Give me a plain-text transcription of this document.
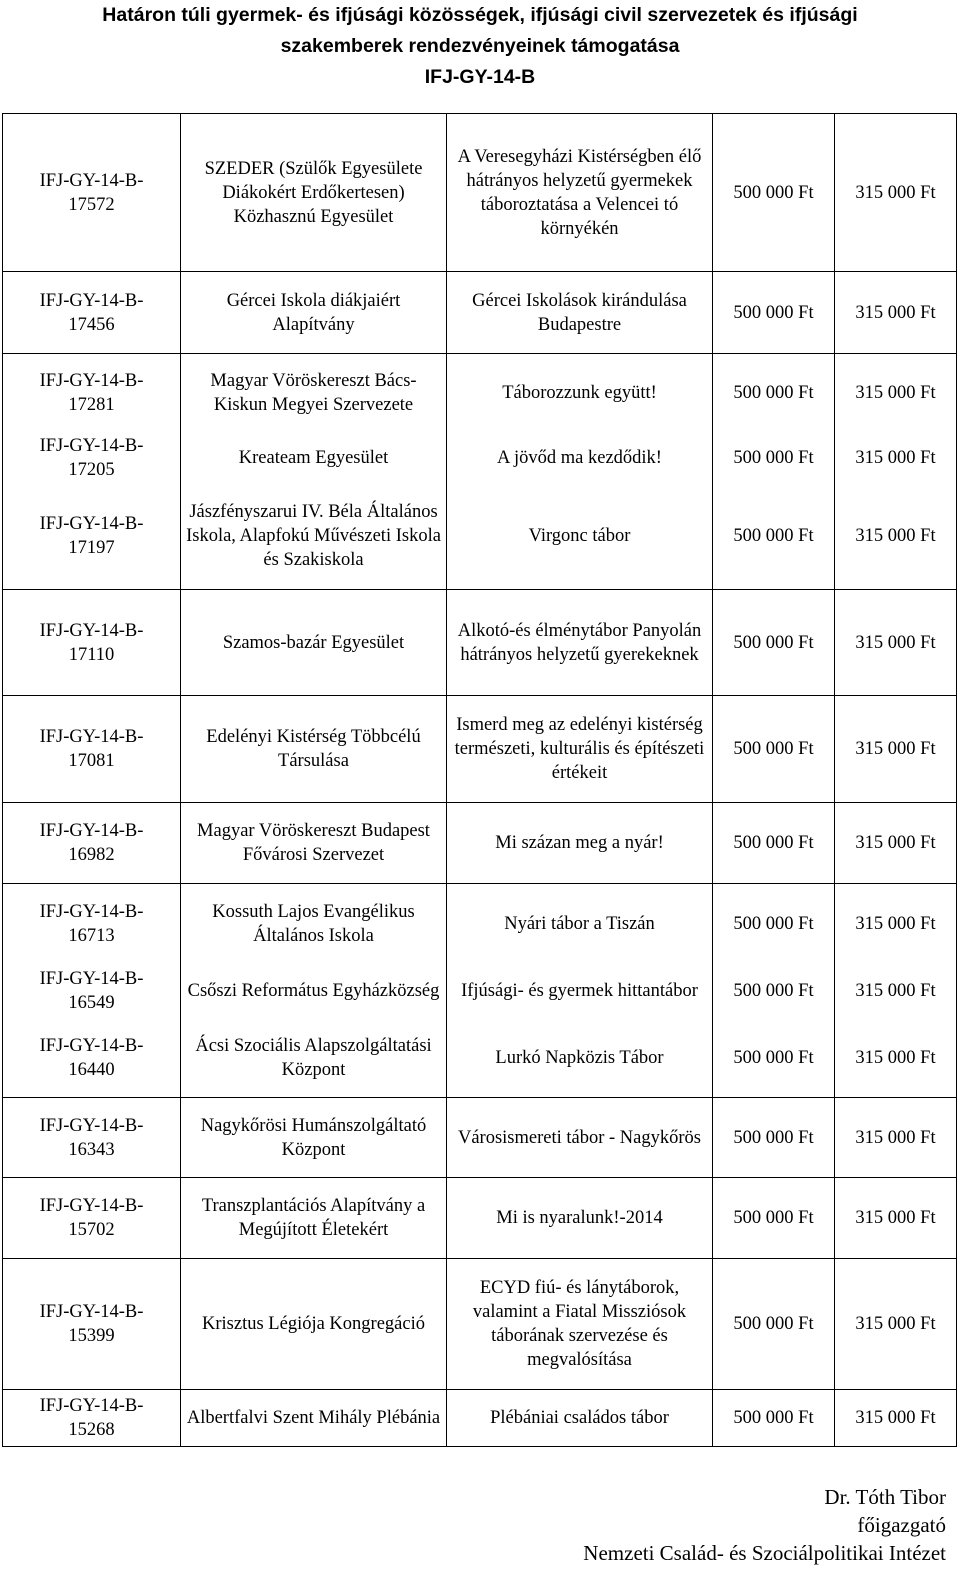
Határon túli gyermek- és ifjúsági közösségek, ifjúsági civil szervezetek és ifjúsági
szakemberek rendezvényeinek támogatása
IFJ-GY-14-B
IFJ-GY-14-B-
17572	SZEDER (Szülők Egyesülete Diákokért Erdőkertesen) Közhasznú Egyesület	A Veresegyházi Kistérségben élő hátrányos helyzetű gyermekek táboroztatása a Velencei tó környékén	500 000 Ft	315 000 Ft
IFJ-GY-14-B-
17456	Gércei Iskola diákjaiért Alapítvány	Gércei Iskolások kirándulása Budapestre	500 000 Ft	315 000 Ft
IFJ-GY-14-B-
17281	Magyar Vöröskereszt Bács-Kiskun Megyei Szervezete	Táborozzunk együtt!	500 000 Ft	315 000 Ft
IFJ-GY-14-B-
17205	Kreateam Egyesület	A jövőd ma kezdődik!	500 000 Ft	315 000 Ft
IFJ-GY-14-B-
17197	Jászfényszarui IV. Béla Általános Iskola, Alapfokú Művészeti Iskola és Szakiskola	Virgonc tábor	500 000 Ft	315 000 Ft
IFJ-GY-14-B-
17110	Szamos-bazár Egyesület	Alkotó-és élménytábor Panyolán hátrányos helyzetű gyerekeknek	500 000 Ft	315 000 Ft
IFJ-GY-14-B-
17081	Edelényi Kistérség Többcélú Társulása	Ismerd meg az edelényi kistérség természeti, kulturális és építészeti értékeit	500 000 Ft	315 000 Ft
IFJ-GY-14-B-
16982	Magyar Vöröskereszt Budapest Fővárosi Szervezet	Mi százan meg a nyár!	500 000 Ft	315 000 Ft
IFJ-GY-14-B-
16713	Kossuth Lajos Evangélikus Általános Iskola	Nyári tábor a Tiszán	500 000 Ft	315 000 Ft
IFJ-GY-14-B-
16549	Csőszi Református Egyházközség	Ifjúsági- és gyermek hittantábor	500 000 Ft	315 000 Ft
IFJ-GY-14-B-
16440	Ácsi Szociális Alapszolgáltatási Központ	Lurkó Napközis Tábor	500 000 Ft	315 000 Ft
IFJ-GY-14-B-
16343	Nagykőrösi Humánszolgáltató Központ	Városismereti tábor - Nagykőrös	500 000 Ft	315 000 Ft
IFJ-GY-14-B-
15702	Transzplantációs Alapítvány a Megújított Életekért	Mi is nyaralunk!-2014	500 000 Ft	315 000 Ft
IFJ-GY-14-B-
15399	Krisztus Légiója Kongregáció	ECYD fiú- és lánytáborok, valamint a Fiatal Missziósok táborának szervezése és megvalósítása	500 000 Ft	315 000 Ft
IFJ-GY-14-B-
15268	Albertfalvi Szent Mihály Plébánia	Plébániai családos tábor	500 000 Ft	315 000 Ft
Dr. Tóth Tibor
főigazgató
Nemzeti Család- és Szociálpolitikai Intézet
